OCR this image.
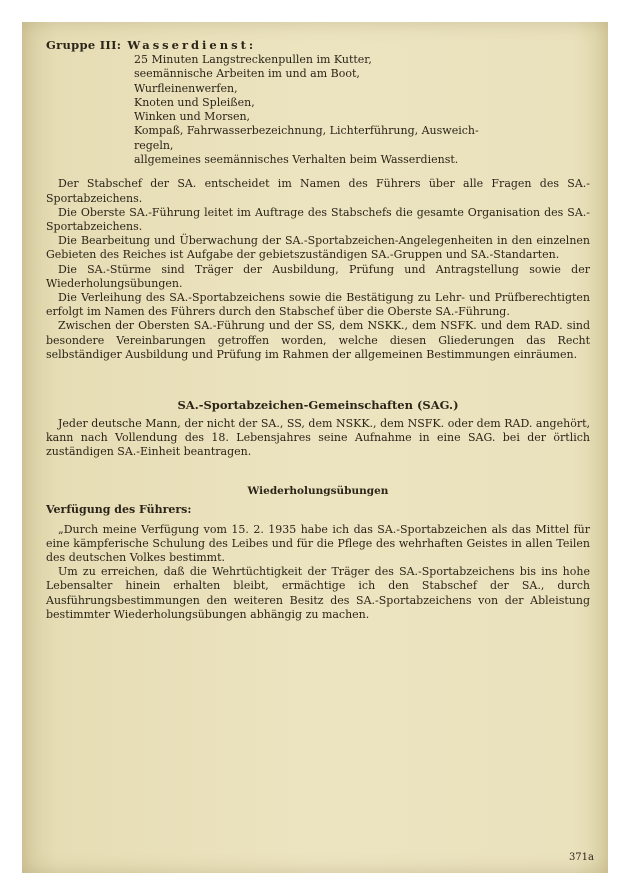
Gruppe III: Wasserdienst:
25 Minuten Langstreckenpullen im Kutter,
seemännische Arbeiten im und am Boot,
Wurfleinenwerfen,
Knoten und Spleißen,
Winken und Morsen,
Kompaß, Fahrwasserbezeichnung, Lichterführung, Ausweich-
regeln,
allgemeines seemännisches Verhalten beim Wasserdienst.

Der Stabschef der SA. entscheidet im Namen des Führers über alle Fragen des SA.-Sportabzeichens.

Die Oberste SA.-Führung leitet im Auftrage des Stabschefs die gesamte Organisation des SA.-Sportabzeichens.

Die Bearbeitung und Überwachung der SA.-Sportabzeichen-Angelegenheiten in den einzelnen Gebieten des Reiches ist Aufgabe der gebietszuständigen SA.-Gruppen und SA.-Standarten.

Die SA.-Stürme sind Träger der Ausbildung, Prüfung und Antragstellung sowie der Wiederholungsübungen.

Die Verleihung des SA.-Sportabzeichens sowie die Bestätigung zu Lehr- und Prüfberechtigten erfolgt im Namen des Führers durch den Stabschef über die Oberste SA.-Führung.

Zwischen der Obersten SA.-Führung und der SS, dem NSKK., dem NSFK. und dem RAD. sind besondere Vereinbarungen getroffen worden, welche diesen Gliederungen das Recht selbständiger Ausbildung und Prüfung im Rahmen der allgemeinen Bestimmungen einräumen.

SA.-Sportabzeichen-Gemeinschaften (SAG.)

Jeder deutsche Mann, der nicht der SA., SS, dem NSKK., dem NSFK. oder dem RAD. angehört, kann nach Vollendung des 18. Lebensjahres seine Aufnahme in eine SAG. bei der örtlich zuständigen SA.-Einheit beantragen.

Wiederholungsübungen
Verfügung des Führers:

„Durch meine Verfügung vom 15. 2. 1935 habe ich das SA.-Sportabzeichen als das Mittel für eine kämpferische Schulung des Leibes und für die Pflege des wehrhaften Geistes in allen Teilen des deutschen Volkes bestimmt.

Um zu erreichen, daß die Wehrtüchtigkeit der Träger des SA.-Sportabzeichens bis ins hohe Lebensalter hinein erhalten bleibt, ermächtige ich den Stabschef der SA., durch Ausführungsbestimmungen den weiteren Besitz des SA.-Sportabzeichens von der Ableistung bestimmter Wiederholungsübungen abhängig zu machen.

371a
